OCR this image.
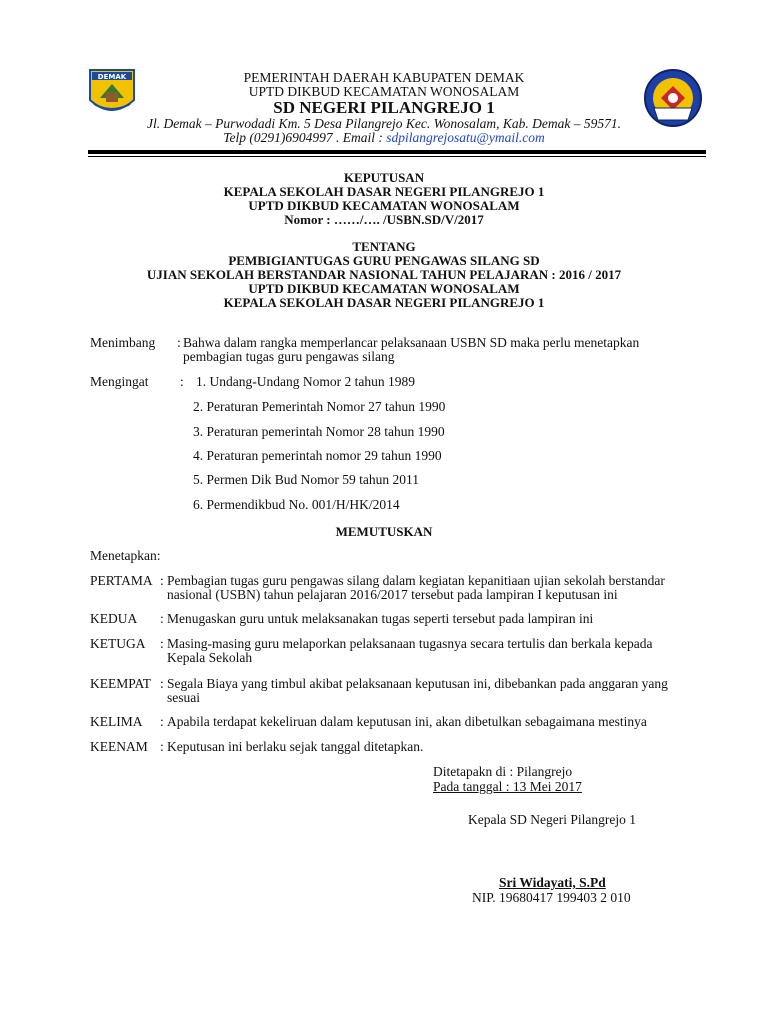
DEMAK	PEMERINTAH DAERAH KABUPATEN DEMAK
UPTD DIKBUD KECAMATAN WONOSALAM
SD NEGERI PILANGREJO 1
Jl. Demak – Purwodadi Km. 5 Desa Pilangrejo Kec. Wonosalam, Kab. Demak – 59571.
Telp (0291)6904997 . Email : sdpilangrejosatu@ymail.com
KEPUTUSAN
KEPALA SEKOLAH DASAR NEGERI PILANGREJO 1
UPTD DIKBUD KECAMATAN WONOSALAM
Nomor : ……/…. /USBN.SD/V/2017
TENTANG
PEMBIGIANTUGAS GURU PENGAWAS SILANG SD
UJIAN SEKOLAH BERSTANDAR NASIONAL TAHUN PELAJARAN : 2016 / 2017
UPTD DIKBUD KECAMATAN WONOSALAM
KEPALA SEKOLAH DASAR NEGERI PILANGREJO 1
Menimbang : Bahwa dalam rangka memperlancar pelaksanaan USBN SD maka perlu menetapkan
pembagian tugas guru pengawas silang
Mengingat : 1. Undang-Undang Nomor 2 tahun 1989
2. Peraturan Pemerintah Nomor 27 tahun 1990
3. Peraturan pemerintah Nomor 28 tahun 1990
4. Peraturan pemerintah nomor 29 tahun 1990
5. Permen Dik Bud Nomor 59 tahun 2011
6. Permendikbud No. 001/H/HK/2014
MEMUTUSKAN
Menetapkan:
PERTAMA : Pembagian tugas guru pengawas silang dalam kegiatan kepanitiaan ujian sekolah berstandar
nasional (USBN) tahun pelajaran 2016/2017 tersebut pada lampiran I keputusan ini
KEDUA : Menugaskan guru untuk melaksanakan tugas seperti tersebut pada lampiran ini
KETUGA : Masing-masing guru melaporkan pelaksanaan tugasnya secara tertulis dan berkala kepada
Kepala Sekolah
KEEMPAT : Segala Biaya yang timbul akibat pelaksanaan keputusan ini, dibebankan pada anggaran yang
sesuai
KELIMA : Apabila terdapat kekeliruan dalam keputusan ini, akan dibetulkan sebagaimana mestinya
KEENAM : Keputusan ini berlaku sejak tanggal ditetapkan.
Ditetapakn di : Pilangrejo
Pada tanggal : 13 Mei 2017
Kepala SD Negeri Pilangrejo 1
Sri Widayati, S.Pd
NIP. 19680417 199403 2 010
